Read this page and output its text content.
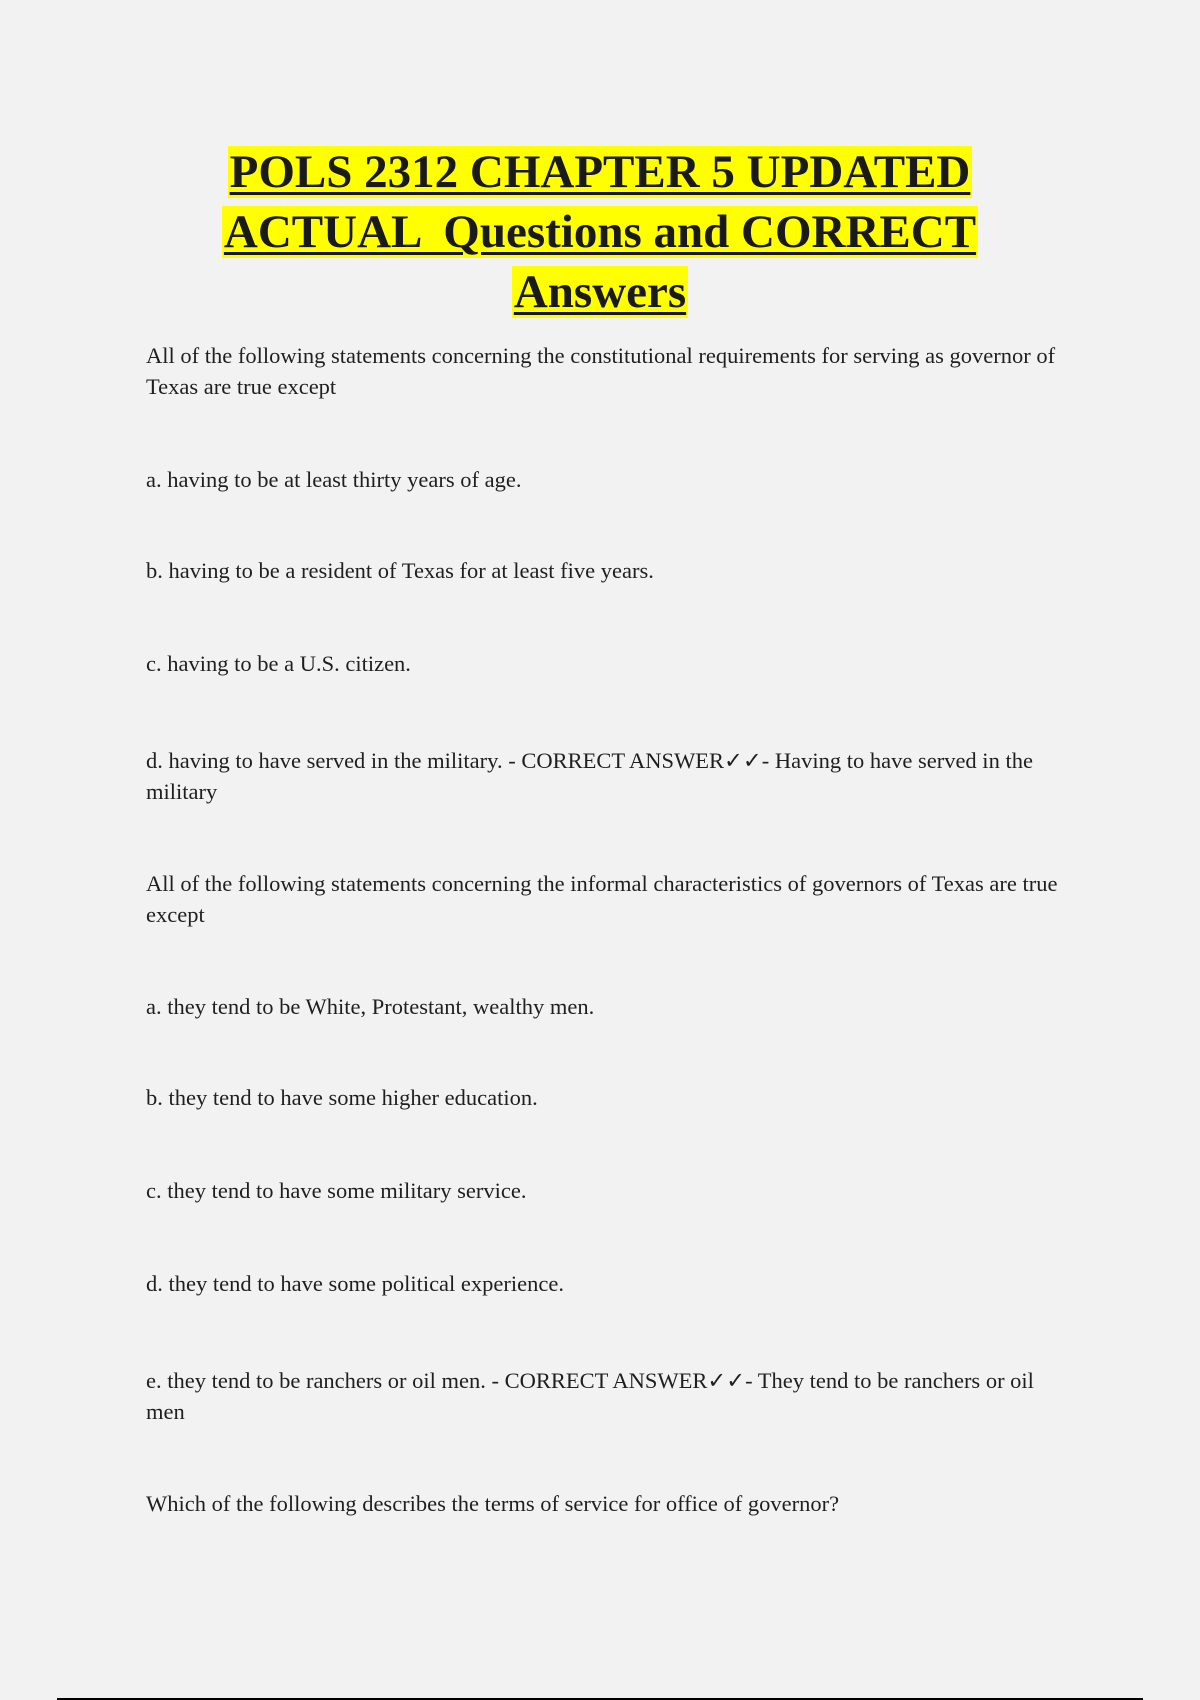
POLS 2312 CHAPTER 5 UPDATED
ACTUAL  Questions and CORRECT
Answers
All of the following statements concerning the constitutional requirements for serving as governor of Texas are true except
a. having to be at least thirty years of age.
b. having to be a resident of Texas for at least five years.
c. having to be a U.S. citizen.
d. having to have served in the military. - CORRECT ANSWER✓✓- Having to have served in the military
All of the following statements concerning the informal characteristics of governors of Texas are true except
a. they tend to be White, Protestant, wealthy men.
b. they tend to have some higher education.
c. they tend to have some military service.
d. they tend to have some political experience.
e. they tend to be ranchers or oil men. - CORRECT ANSWER✓✓- They tend to be ranchers or oil men
Which of the following describes the terms of service for office of governor?
